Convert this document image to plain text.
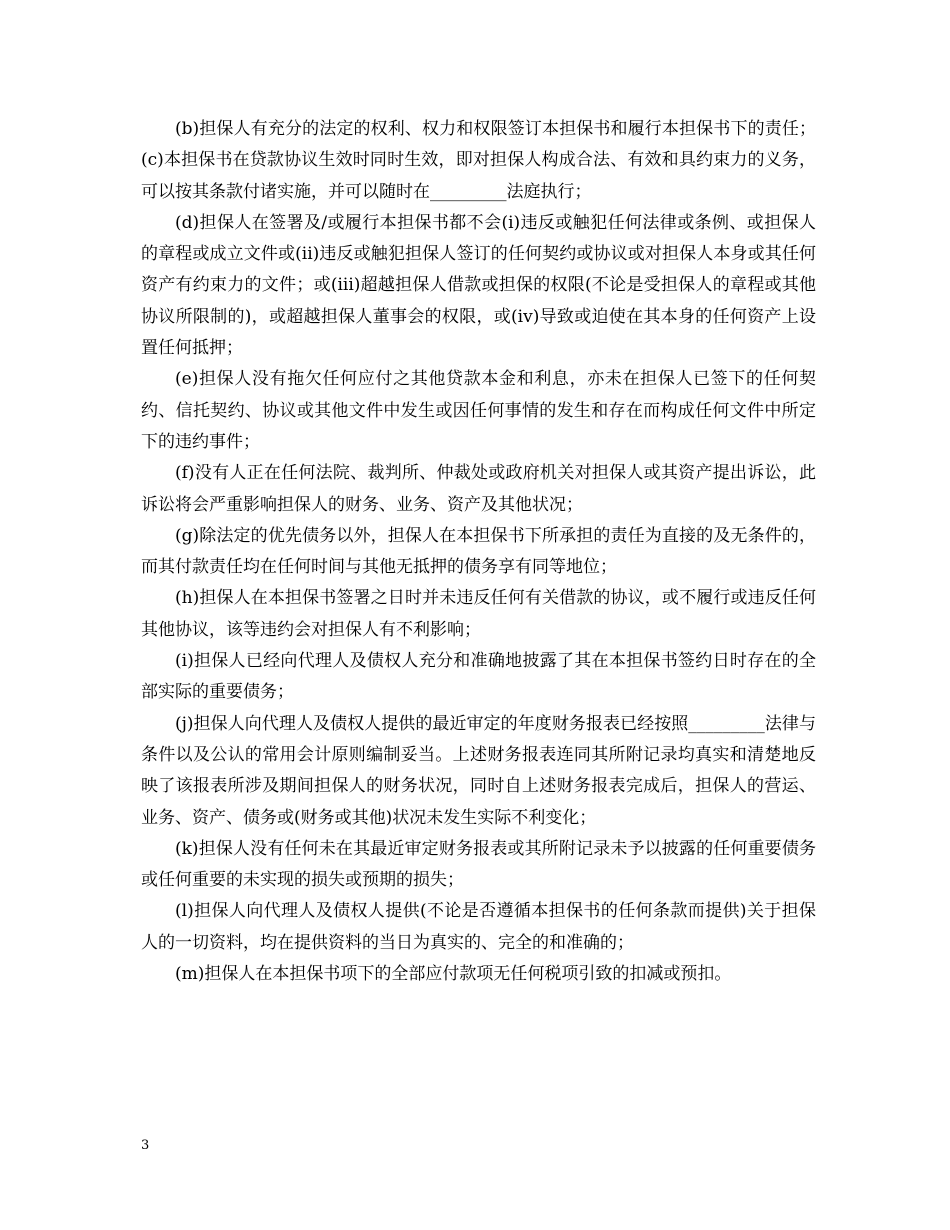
(b)担保人有充分的法定的权利、权力和权限签订本担保书和履行本担保书下的责任；(c)本担保书在贷款协议生效时同时生效，即对担保人构成合法、有效和具约束力的义务，可以按其条款付诸实施，并可以随时在_________法庭执行；

(d)担保人在签署及/或履行本担保书都不会(i)违反或触犯任何法律或条例、或担保人的章程或成立文件或(ii)违反或触犯担保人签订的任何契约或协议或对担保人本身或其任何资产有约束力的文件；或(iii)超越担保人借款或担保的权限(不论是受担保人的章程或其他协议所限制的)，或超越担保人董事会的权限，或(iv)导致或迫使在其本身的任何资产上设置任何抵押；

(e)担保人没有拖欠任何应付之其他贷款本金和利息，亦未在担保人已签下的任何契约、信托契约、协议或其他文件中发生或因任何事情的发生和存在而构成任何文件中所定下的违约事件；

(f)没有人正在任何法院、裁判所、仲裁处或政府机关对担保人或其资产提出诉讼，此诉讼将会严重影响担保人的财务、业务、资产及其他状况；

(g)除法定的优先债务以外，担保人在本担保书下所承担的责任为直接的及无条件的，而其付款责任均在任何时间与其他无抵押的债务享有同等地位；

(h)担保人在本担保书签署之日时并未违反任何有关借款的协议，或不履行或违反任何其他协议，该等违约会对担保人有不利影响；

(i)担保人已经向代理人及债权人充分和准确地披露了其在本担保书签约日时存在的全部实际的重要债务；

(j)担保人向代理人及债权人提供的最近审定的年度财务报表已经按照_________法律与条件以及公认的常用会计原则编制妥当。上述财务报表连同其所附记录均真实和清楚地反映了该报表所涉及期间担保人的财务状况，同时自上述财务报表完成后，担保人的营运、业务、资产、债务或(财务或其他)状况未发生实际不利变化；

(k)担保人没有任何未在其最近审定财务报表或其所附记录未予以披露的任何重要债务或任何重要的未实现的损失或预期的损失；

(l)担保人向代理人及债权人提供(不论是否遵循本担保书的任何条款而提供)关于担保人的一切资料，均在提供资料的当日为真实的、完全的和准确的；

(m)担保人在本担保书项下的全部应付款项无任何税项引致的扣减或预扣。

3
